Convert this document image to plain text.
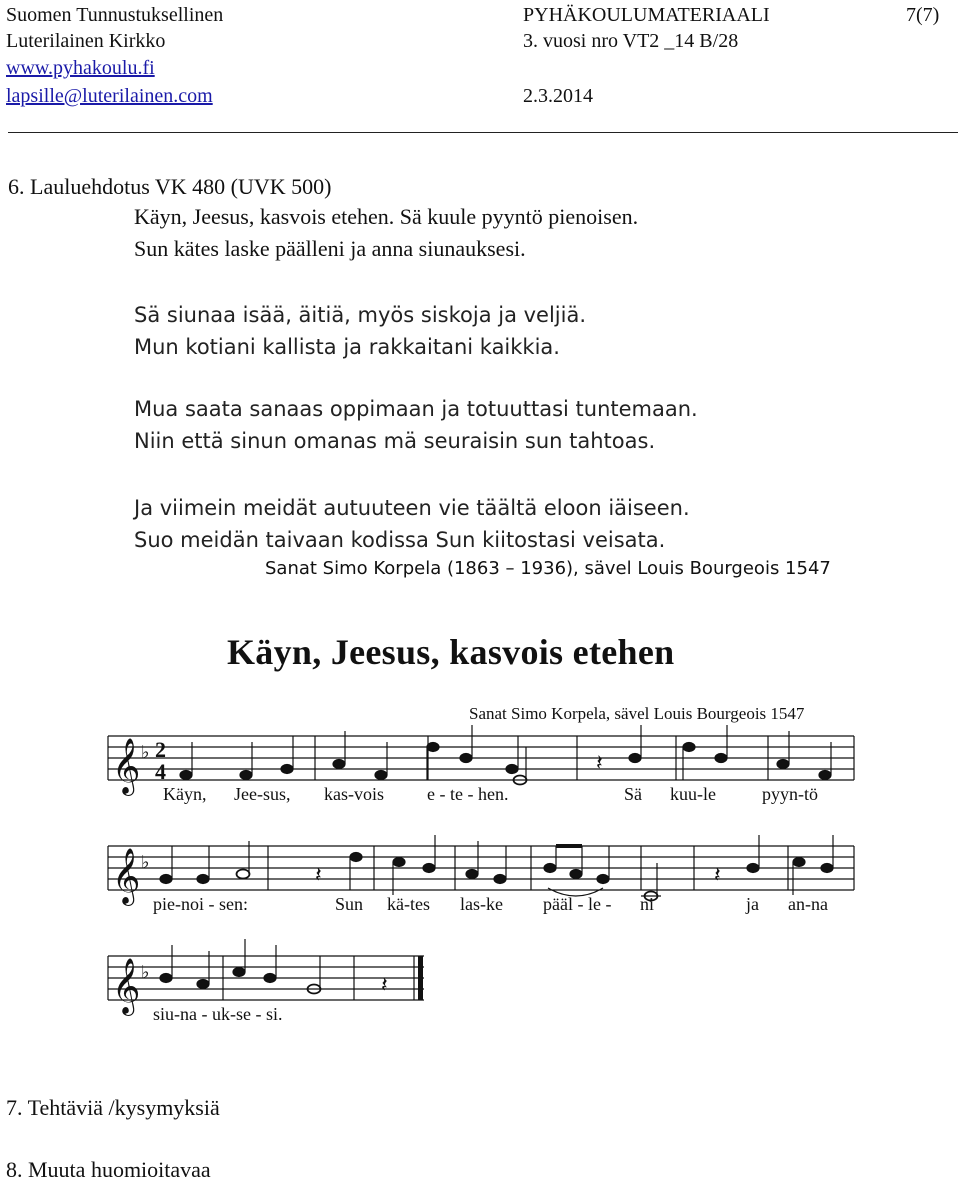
Suomen Tunnustuksellinen
Luterilainen Kirkko
www.pyhakoulu.fi
lapsille@luterilainen.com
PYHÄKOULUMATERIAALI
3. vuosi nro VT2 _14 B/28
2.3.2014
7(7)
6. Lauluehdotus VK 480 (UVK 500)
Käyn, Jeesus, kasvois etehen. Sä kuule pyyntö pienoisen.
Sun kätes laske päälleni ja anna siunauksesi.
Sä siunaa isää, äitiä, myös siskoja ja veljiä.
Mun kotiani kallista ja rakkaitani kaikkia.
Mua saata sanaas oppimaan ja totuuttasi tuntemaan.
Niin että sinun omanas mä seuraisin sun tahtoas.
Ja viimein meidät autuuteen vie täältä eloon iäiseen.
Suo meidän taivaan kodissa Sun kiitostasi veisata.
Sanat Simo Korpela (1863 – 1936), sävel Louis Bourgeois 1547
Käyn, Jeesus, kasvois etehen
Sanat Simo Korpela, sävel Louis Bourgeois 1547
𝄞 ♭ 2
4	𝄽
Käyn, Jee-sus, kas-vois e - te - hen.	Sä kuu-le	pyyn-tö
𝄞 ♭
𝄽	𝄽
pie-noi - sen:	Sun kä-tes las-ke pääl - le - ni	ja an-na
𝄞 ♭
𝄽
siu-na - uk-se - si.
7. Tehtäviä /kysymyksiä
8. Muuta huomioitavaa
